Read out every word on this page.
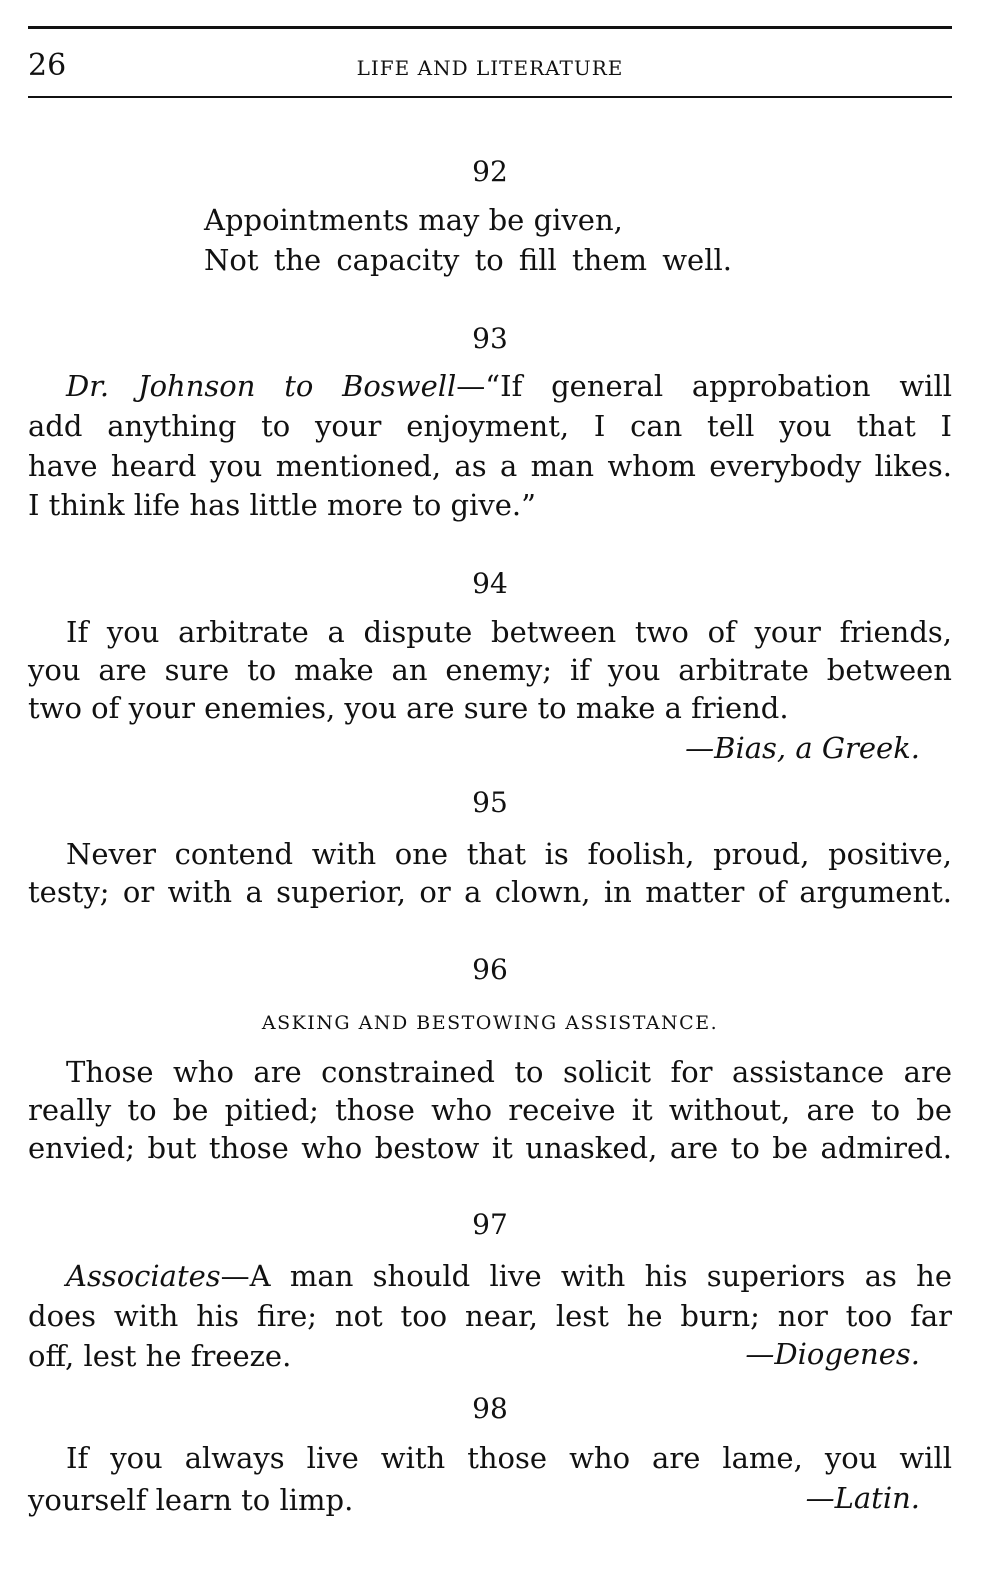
26	LIFE AND LITERATURE
92
Appointments may be given,
Not the capacity to fill them well.
93
Dr. Johnson to Boswell—“If general approbation will
add anything to your enjoyment, I can tell you that I
have heard you mentioned, as a man whom everybody likes.
I think life has little more to give.”
94
If you arbitrate a dispute between two of your friends,
you are sure to make an enemy; if you arbitrate between
two of your enemies, you are sure to make a friend.
—Bias, a Greek.
95
Never contend with one that is foolish, proud, positive,
testy; or with a superior, or a clown, in matter of argument.
96
ASKING AND BESTOWING ASSISTANCE.
Those who are constrained to solicit for assistance are
really to be pitied; those who receive it without, are to be
envied; but those who bestow it unasked, are to be admired.
97
Associates—A man should live with his superiors as he
does with his fire; not too near, lest he burn; nor too far
off, lest he freeze.	—Diogenes.
98
If you always live with those who are lame, you will
yourself learn to limp.	—Latin.
